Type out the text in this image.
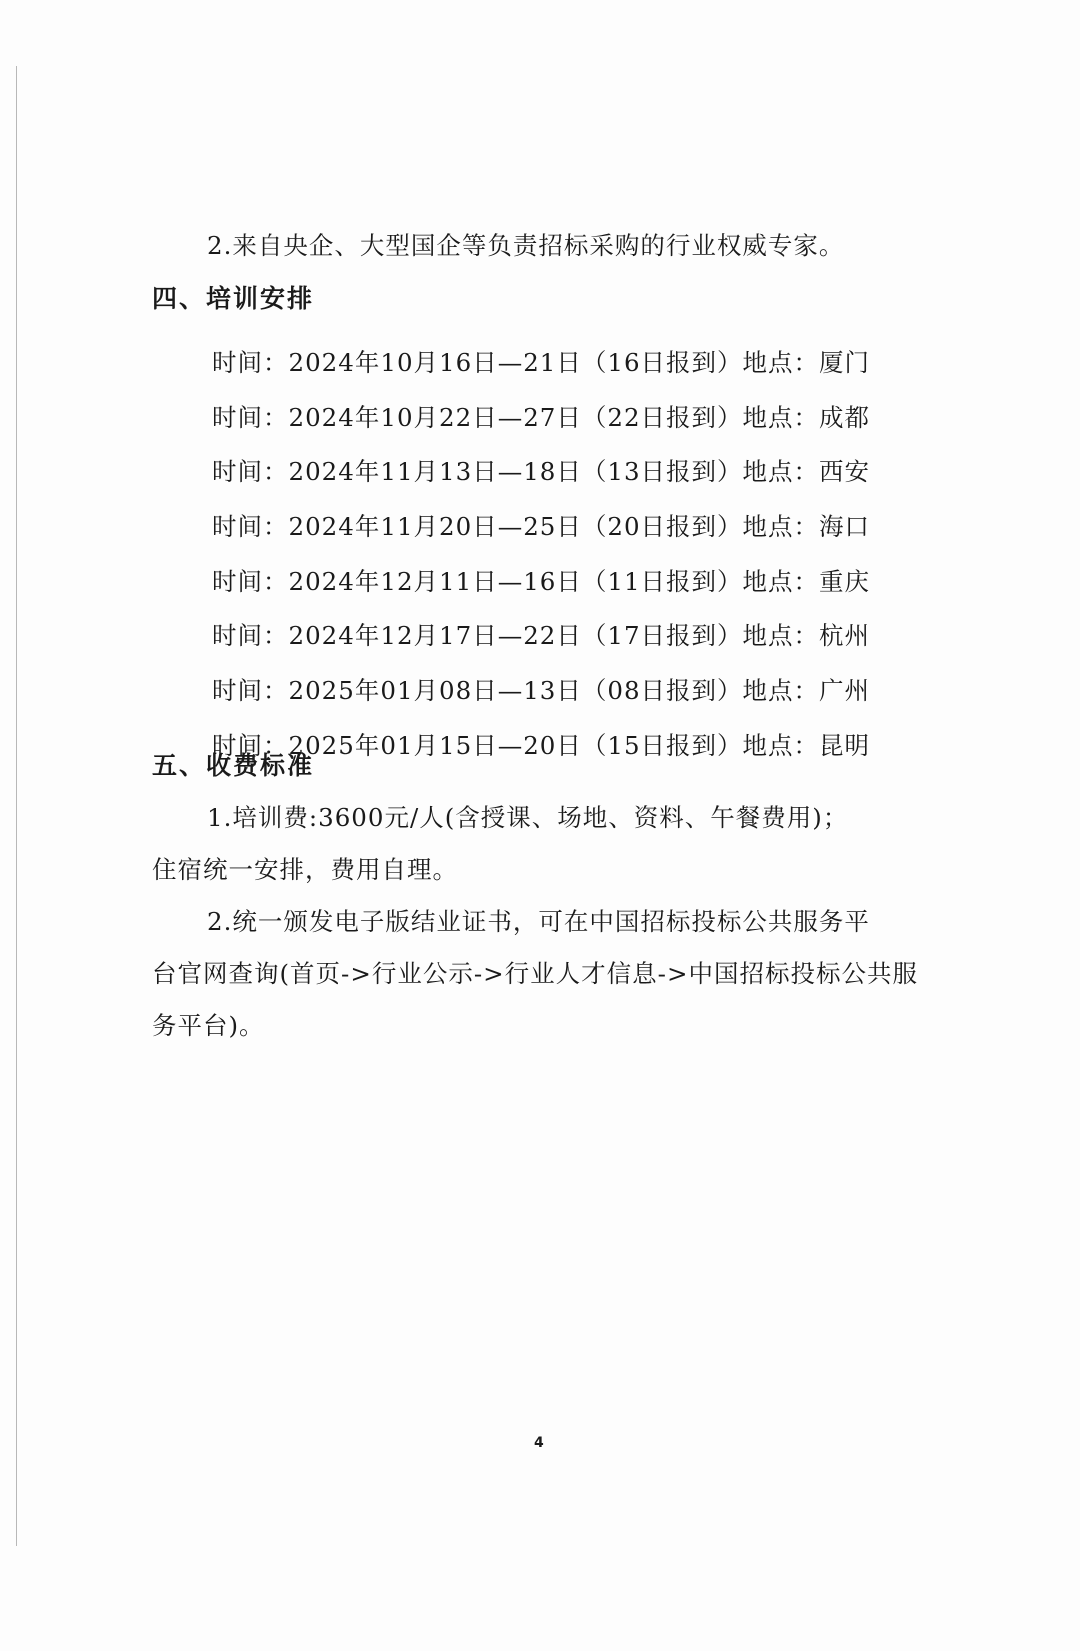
2.来自央企、大型国企等负责招标采购的行业权威专家。
四、培训安排
时间：2024年10月16日—21日（16日报到）地点：厦门
时间：2024年10月22日—27日（22日报到）地点：成都
时间：2024年11月13日—18日（13日报到）地点：西安
时间：2024年11月20日—25日（20日报到）地点：海口
时间：2024年12月11日—16日（11日报到）地点：重庆
时间：2024年12月17日—22日（17日报到）地点：杭州
时间：2025年01月08日—13日（08日报到）地点：广州
时间：2025年01月15日—20日（15日报到）地点：昆明
五、收费标准
1.培训费:3600元/人(含授课、场地、资料、午餐费用)；
住宿统一安排，费用自理。
2.统一颁发电子版结业证书，可在中国招标投标公共服务平
台官网查询(首页->行业公示->行业人才信息->中国招标投标公共服
务平台)。
4
